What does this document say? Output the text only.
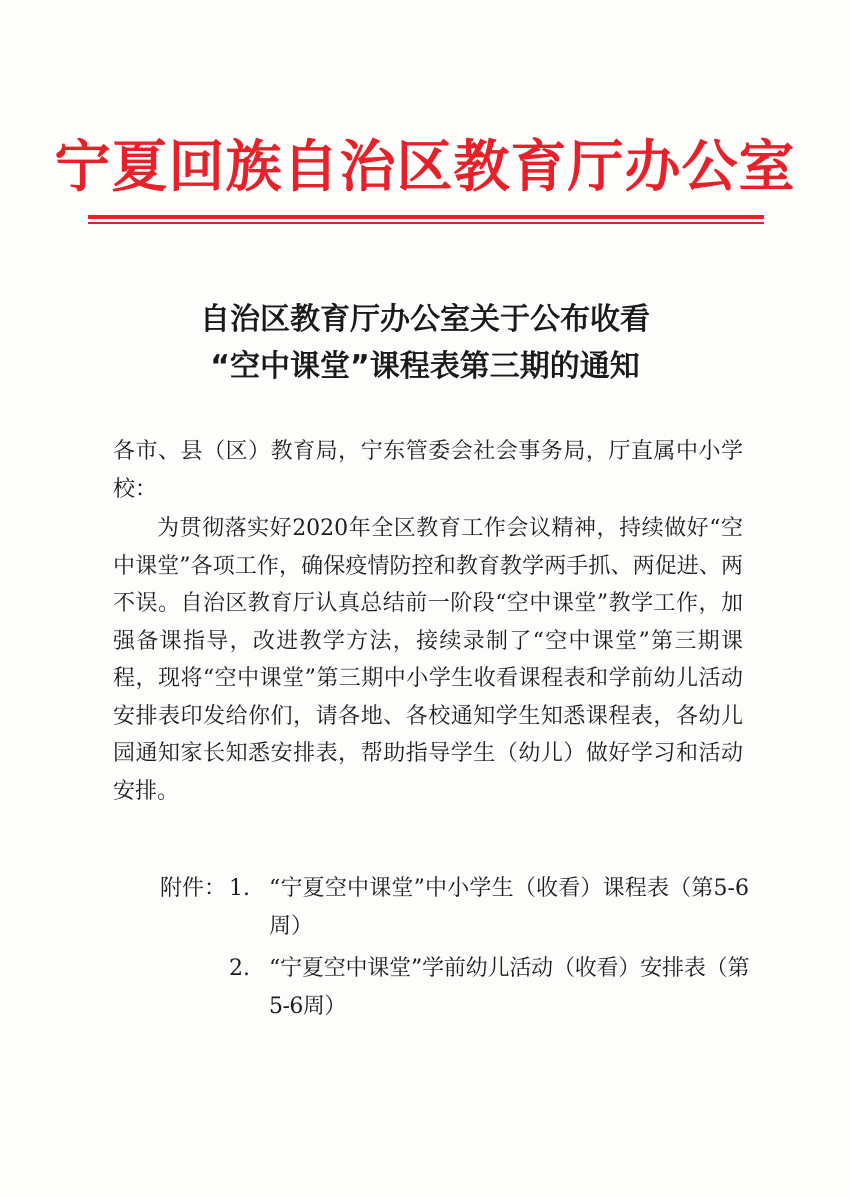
宁夏回族自治区教育厅办公室
自治区教育厅办公室关于公布收看
“空中课堂”课程表第三期的通知
各市、县（区）教育局，宁东管委会社会事务局，厅直属中小学校：
为贯彻落实好2020年全区教育工作会议精神，持续做好“空中课堂”各项工作，确保疫情防控和教育教学两手抓、两促进、两不误。自治区教育厅认真总结前一阶段“空中课堂”教学工作，加强备课指导，改进教学方法，接续录制了“空中课堂”第三期课程，现将“空中课堂”第三期中小学生收看课程表和学前幼儿活动安排表印发给你们，请各地、各校通知学生知悉课程表，各幼儿园通知家长知悉安排表，帮助指导学生（幼儿）做好学习和活动安排。
附件： 1. “宁夏空中课堂”中小学生（收看）课程表（第5-6周）
2. “宁夏空中课堂”学前幼儿活动（收看）安排表（第5-6周）
